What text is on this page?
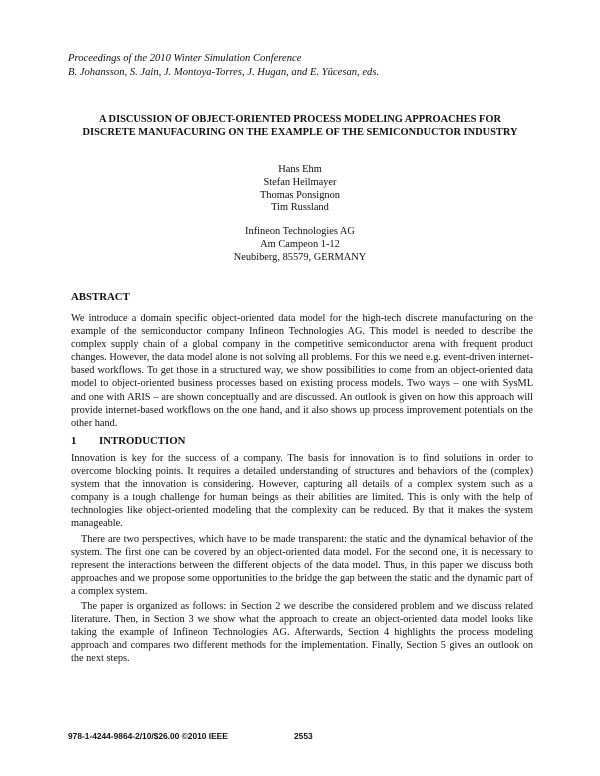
Proceedings of the 2010 Winter Simulation Conference
B. Johansson, S. Jain, J. Montoya-Torres, J. Hugan, and E. Yücesan, eds.
A DISCUSSION OF OBJECT-ORIENTED PROCESS MODELING APPROACHES FOR
DISCRETE MANUFACURING ON THE EXAMPLE OF THE SEMICONDUCTOR INDUSTRY
Hans Ehm
Stefan Heilmayer
Thomas Ponsignon
Tim Russland
Infineon Technologies AG
Am Campeon 1-12
Neubiberg, 85579, GERMANY
ABSTRACT
We introduce a domain specific object-oriented data model for the high-tech discrete manufacturing on the example of the semiconductor company Infineon Technologies AG. This model is needed to describe the complex supply chain of a global company in the competitive semiconductor arena with frequent product changes. However, the data model alone is not solving all problems. For this we need e.g. event-driven internet-based workflows. To get those in a structured way, we show possibilities to come from an object-oriented data model to object-oriented business processes based on existing process models. Two ways – one with SysML and one with ARIS – are shown conceptually and are discussed. An outlook is given on how this approach will provide internet-based workflows on the one hand, and it also shows up process improvement potentials on the other hand.
1 INTRODUCTION

Innovation is key for the success of a company. The basis for innovation is to find solutions in order to overcome blocking points. It requires a detailed understanding of structures and behaviors of the (complex) system that the innovation is considering. However, capturing all details of a complex system such as a company is a tough challenge for human beings as their abilities are limited. This is only with the help of technologies like object-oriented modeling that the complexity can be reduced. By that it makes the system manageable.

There are two perspectives, which have to be made transparent: the static and the dynamical behavior of the system. The first one can be covered by an object-oriented data model. For the second one, it is necessary to represent the interactions between the different objects of the data model. Thus, in this paper we discuss both approaches and we propose some opportunities to the bridge the gap between the static and the dynamic part of a complex system.

The paper is organized as follows: in Section 2 we describe the considered problem and we discuss related literature. Then, in Section 3 we show what the approach to create an object-oriented data model looks like taking the example of Infineon Technologies AG. Afterwards, Section 4 highlights the process modeling approach and compares two different methods for the implementation. Finally, Section 5 gives an outlook on the next steps.

978-1-4244-9864-2/10/$26.00 ©2010 IEEE	2553
